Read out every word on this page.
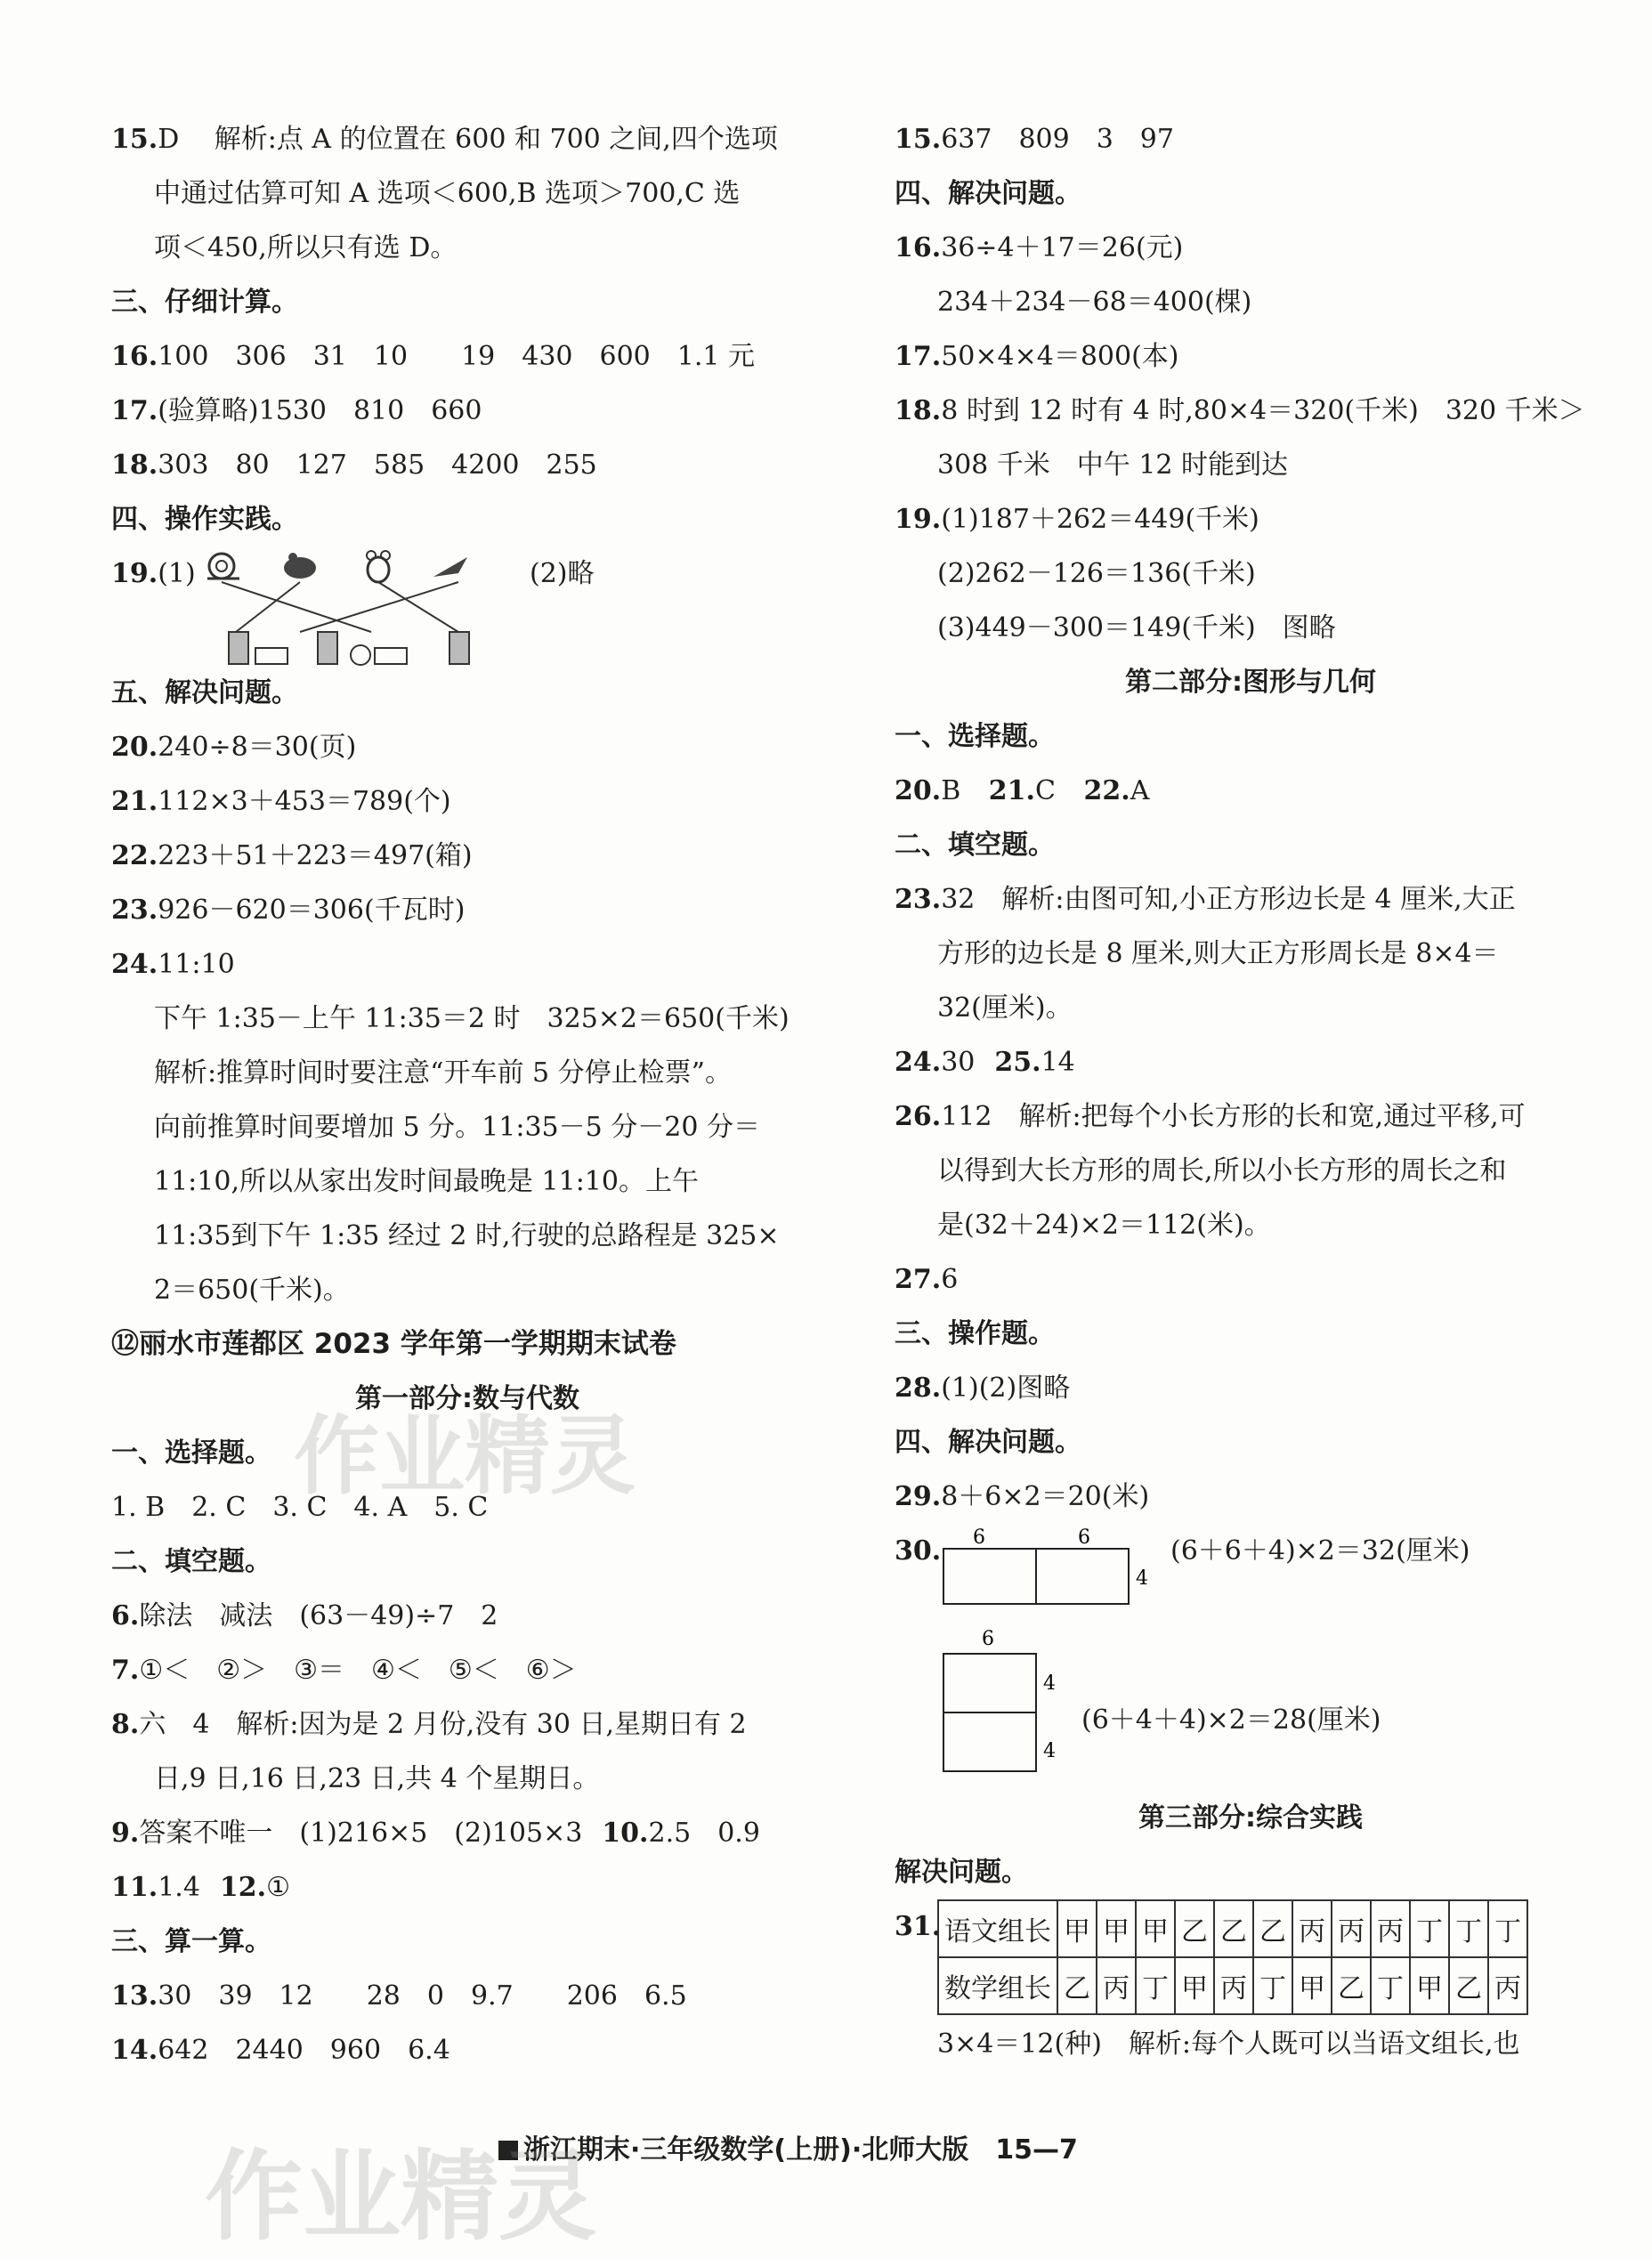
15.D　 解析:点 A 的位置在 600 和 700 之间,四个选项
中通过估算可知 A 选项＜600,B 选项＞700,C 选
项＜450,所以只有选 D。
三、仔细计算。
16.100　306　31　10　　19　430　600　1.1 元
17.(验算略)1530　810　660
18.303　80　127　585　4200　255
四、操作实践。
19.(1)	(2)略
五、解决问题。
20.240÷8＝30(页)
21.112×3＋453＝789(个)
22.223＋51＋223＝497(箱)
23.926－620＝306(千瓦时)
24.11:10
下午 1:35－上午 11:35＝2 时　325×2＝650(千米)
解析:推算时间时要注意“开车前 5 分停止检票”。
向前推算时间要增加 5 分。11:35－5 分－20 分＝
11:10,所以从家出发时间最晚是 11:10。上午
11:35到下午 1:35 经过 2 时,行驶的总路程是 325×
2＝650(千米)。
⑫丽水市莲都区 2023 学年第一学期期末试卷
第一部分:数与代数
一、选择题。
1. B　2. C　3. C　4. A　5. C
二、填空题。
6.除法　减法　(63－49)÷7　2
7.①＜　②＞　③＝　④＜　⑤＜　⑥＞
8.六　4　解析:因为是 2 月份,没有 30 日,星期日有 2
日,9 日,16 日,23 日,共 4 个星期日。
9.答案不唯一　(1)216×5　(2)105×3 10.2.5　0.9
11.1.4 12.①
三、算一算。
13.30　39　12　　28　0　9.7　　206　6.5
14.642　2440　960　6.4
15.637　809　3　97
四、解决问题。
16.36÷4＋17＝26(元)
234＋234－68＝400(棵)
17.50×4×4＝800(本)
18.8 时到 12 时有 4 时,80×4＝320(千米)　320 千米＞
308 千米　中午 12 时能到达
19.(1)187＋262＝449(千米)
(2)262－126＝136(千米)
(3)449－300＝149(千米)　图略
第二部分:图形与几何
一、选择题。
20.B 21.C 22.A
二、填空题。
23.32　解析:由图可知,小正方形边长是 4 厘米,大正
方形的边长是 8 厘米,则大正方形周长是 8×4＝
32(厘米)。
24.30 25.14
26.112　解析:把每个小长方形的长和宽,通过平移,可
以得到大长方形的周长,所以小长方形的周长之和
是(32＋24)×2＝112(米)。
27.6
三、操作题。
28.(1)(2)图略
四、解决问题。
29.8＋6×2＝20(米)
30. 6	6
4
6
4
4
(6＋6＋4)×2＝32(厘米)
(6＋4＋4)×2＝28(厘米)
第三部分:综合实践
解决问题。
31. 语文组长	甲	甲	甲	乙	乙	乙	丙	丙	丙	丁	丁	丁
数学组长	乙	丙	丁	甲	丙	丁	甲	乙	丁	甲	乙	丙
3×4＝12(种)　解析:每个人既可以当语文组长,也
浙江期末·三年级数学(上册)·北师大版　15—7
作业精灵
作业精灵
